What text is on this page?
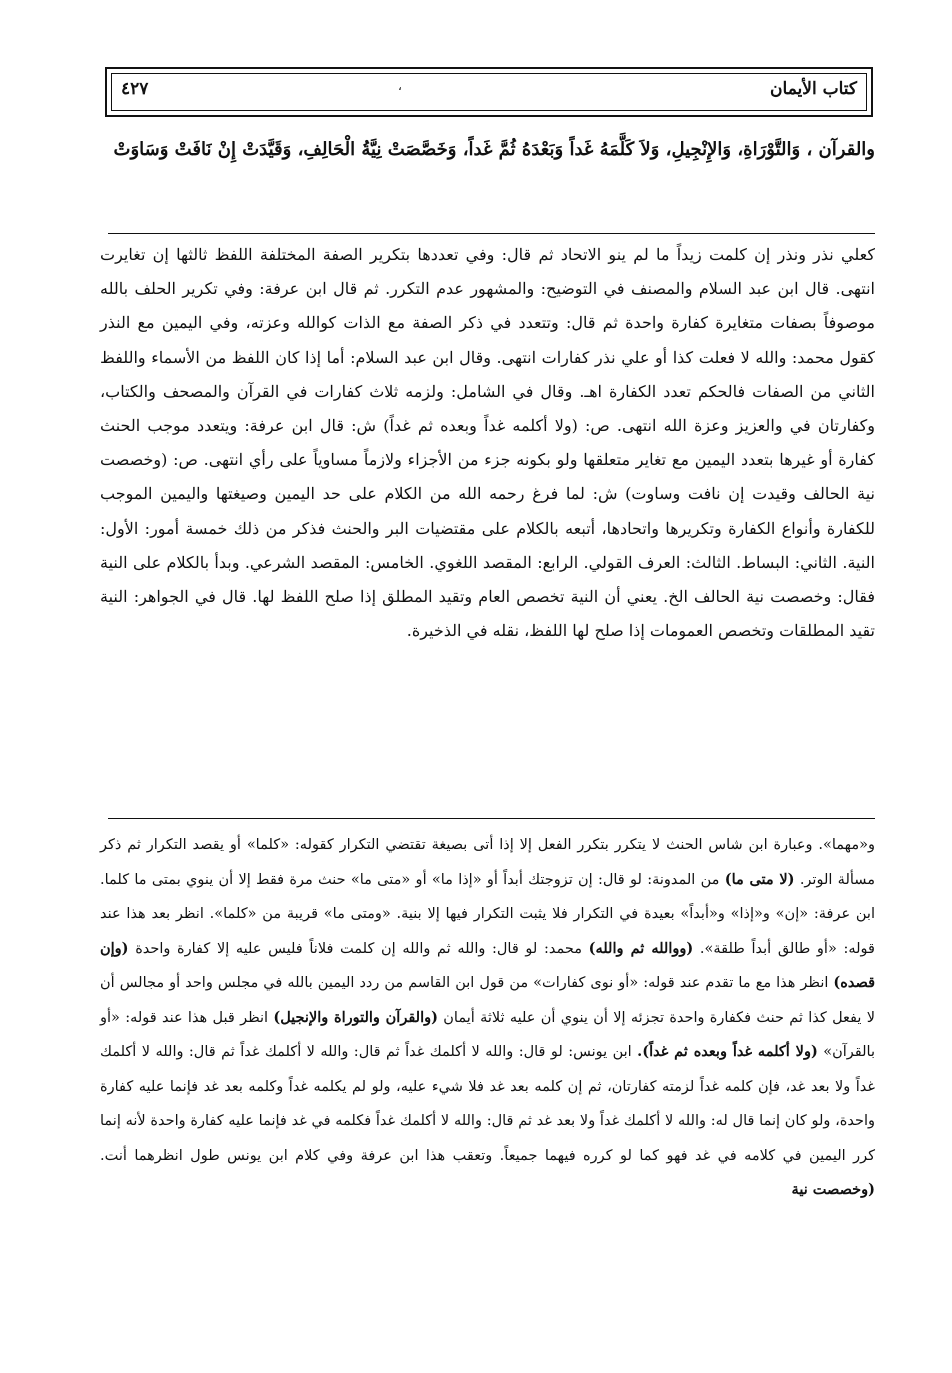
كتاب الأيمان
٤٢٧	،
والقرآن ، وَالتَّوْرَاةِ، وَالإِنْجِيلِ، وَلاَ كَلَّمَهُ غَداً وَبَعْدَهُ ثُمَّ غَداً، وَخَصَّصَتْ نِيَّةُ الْحَالِفِ، وَقَيَّدَتْ إِنْ نَافَتْ وَسَاوَتْ
كعلي نذر ونذر إن كلمت زيداً ما لم ينو الاتحاد ثم قال: وفي تعددها بتكرير الصفة المختلفة اللفظ ثالثها إن تغايرت انتهى. قال ابن عبد السلام والمصنف في التوضيح: والمشهور عدم التكرر. ثم قال ابن عرفة: وفي تكرير الحلف بالله موصوفاً بصفات متغايرة كفارة واحدة ثم قال: وتتعدد في ذكر الصفة مع الذات كوالله وعزته، وفي اليمين مع النذر كقول محمد: والله لا فعلت كذا أو علي نذر كفارات انتهى. وقال ابن عبد السلام: أما إذا كان اللفظ من الأسماء واللفظ الثاني من الصفات فالحكم تعدد الكفارة اهـ. وقال في الشامل: ولزمه ثلاث كفارات في القرآن والمصحف والكتاب، وكفارتان في والعزيز وعزة الله انتهى. ص: (ولا أكلمه غداً وبعده ثم غداً) ش: قال ابن عرفة: ويتعدد موجب الحنث كفارة أو غيرها بتعدد اليمين مع تغاير متعلقها ولو بكونه جزء من الأجزاء ولازماً مساوياً على رأي انتهى. ص: (وخصصت نية الحالف وقيدت إن نافت وساوت) ش: لما فرغ رحمه الله من الكلام على حد اليمين وصيغتها واليمين الموجب للكفارة وأنواع الكفارة وتكريرها واتحادها، أتبعه بالكلام على مقتضيات البر والحنث فذكر من ذلك خمسة أمور: الأول: النية. الثاني: البساط. الثالث: العرف القولي. الرابع: المقصد اللغوي. الخامس: المقصد الشرعي. وبدأ بالكلام على النية فقال: وخصصت نية الحالف الخ. يعني أن النية تخصص العام وتقيد المطلق إذا صلح اللفظ لها. قال في الجواهر: النية تقيد المطلقات وتخصص العمومات إذا صلح لها اللفظ، نقله في الذخيرة.
و«مهما». وعبارة ابن شاس الحنث لا يتكرر بتكرر الفعل إلا إذا أتى بصيغة تقتضي التكرار كقوله: «كلما» أو يقصد التكرار ثم ذكر مسألة الوتر. (لا متى ما) من المدونة: لو قال: إن تزوجتك أبداً أو «إذا ما» أو «متى ما» حنث مرة فقط إلا أن ينوي بمتى ما كلما. ابن عرفة: «إن» و«إذا» و«أبداً» بعيدة في التكرار فلا يثبت التكرار فيها إلا بنية. «ومتى ما» قريبة من «كلما». انظر بعد هذا عند قوله: «أو طالق أبداً طلقة». (ووالله ثم والله) محمد: لو قال: والله ثم والله إن كلمت فلاناً فليس عليه إلا كفارة واحدة (وإن قصده) انظر هذا مع ما تقدم عند قوله: «أو نوى كفارات» من قول ابن القاسم من ردد اليمين بالله في مجلس واحد أو مجالس أن لا يفعل كذا ثم حنث فكفارة واحدة تجزئه إلا أن ينوي أن عليه ثلاثة أيمان (والقرآن والتوراة والإنجيل) انظر قبل هذا عند قوله: «أو بالقرآن» (ولا أكلمه غداً وبعده ثم غداً). ابن يونس: لو قال: والله لا أكلمك غداً ثم قال: والله لا أكلمك غداً ثم قال: والله لا أكلمك غداً ولا بعد غد، فإن كلمه غداً لزمته كفارتان، ثم إن كلمه بعد غد فلا شيء عليه، ولو لم يكلمه غداً وكلمه بعد غد فإنما عليه كفارة واحدة، ولو كان إنما قال له: والله لا أكلمك غداً ولا بعد غد ثم قال: والله لا أكلمك غداً فكلمه في غد فإنما عليه كفارة واحدة لأنه إنما كرر اليمين في كلامه في غد فهو كما لو كرره فيهما جميعاً. وتعقب هذا ابن عرفة وفي كلام ابن يونس طول انظرهما أنت. (وخصصت نية
